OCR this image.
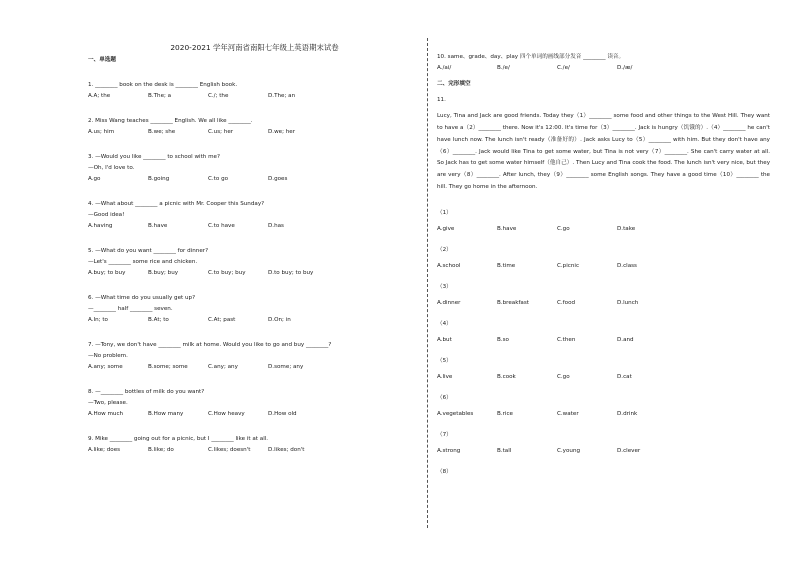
2020-2021 学年河南省南阳七年级上英语期末试卷
一、单选题
1. ________ book on the desk is ________ English book.
A.A; the	B.The; a	C./; the	D.The; an
2. Miss Wang teaches ________ English. We all like ________.
A.us; him	B.we; she	C.us; her	D.we; her
3. —Would you like ________ to school with me?
—Oh, I'd love to.
A.go	B.going	C.to go	D.goes
4. —What about ________ a picnic with Mr. Cooper this Sunday?
—Good idea!
A.having	B.have	C.to have	D.has
5. —What do you want ________ for dinner?
—Let's ________ some rice and chicken.
A.buy; to buy	B.buy; buy	C.to buy; buy	D.to buy; to buy
6. —What time do you usually get up?
—________ half ________ seven.
A.In; to	B.At; to	C.At; past	D.On; in
7. —Tony, we don't have ________ milk at home. Would you like to go and buy ________?
—No problem.
A.any; some	B.some; some	C.any; any	D.some; any
8. —________ bottles of milk do you want?
—Two, please.
A.How much	B.How many	C.How heavy	D.How old
9. Mike ________ going out for a picnic, but I ________ like it at all.
A.like; does	B.like; do	C.likes; doesn't	D.likes; don't
10. same、grade、day、play 四个单词的画线部分发音 ________ 读音。
A./ai/	B./e/	C./e/	D./æ/
二、完形填空
11.
Lucy, Tina and Jack are good friends. Today they（1）________ some food and other things to the West Hill. They want to have a（2）________ there. Now it's 12:00. It's time for（3）________. Jack is hungry（饥饿的）.（4）________ he can't have lunch now. The lunch isn't ready（准备好的）. Jack asks Lucy to（5）________ with him. But they don't have any（6）________. Jack would like Tina to get some water, but Tina is not very（7）________. She can't carry water at all. So Jack has to get some water himself（他自己）. Then Lucy and Tina cook the food. The lunch isn't very nice, but they are very（8）________. After lunch, they（9）________ some English songs. They have a good time（10）________ the hill. They go home in the afternoon.
（1）
A.give	B.have	C.go	D.take
（2）
A.school	B.time	C.picnic	D.class
（3）
A.dinner	B.breakfast	C.food	D.lunch
（4）
A.but	B.so	C.then	D.and
（5）
A.live	B.cook	C.go	D.cat
（6）
A.vegetables	B.rice	C.water	D.drink
（7）
A.strong	B.tall	C.young	D.clever
（8）
